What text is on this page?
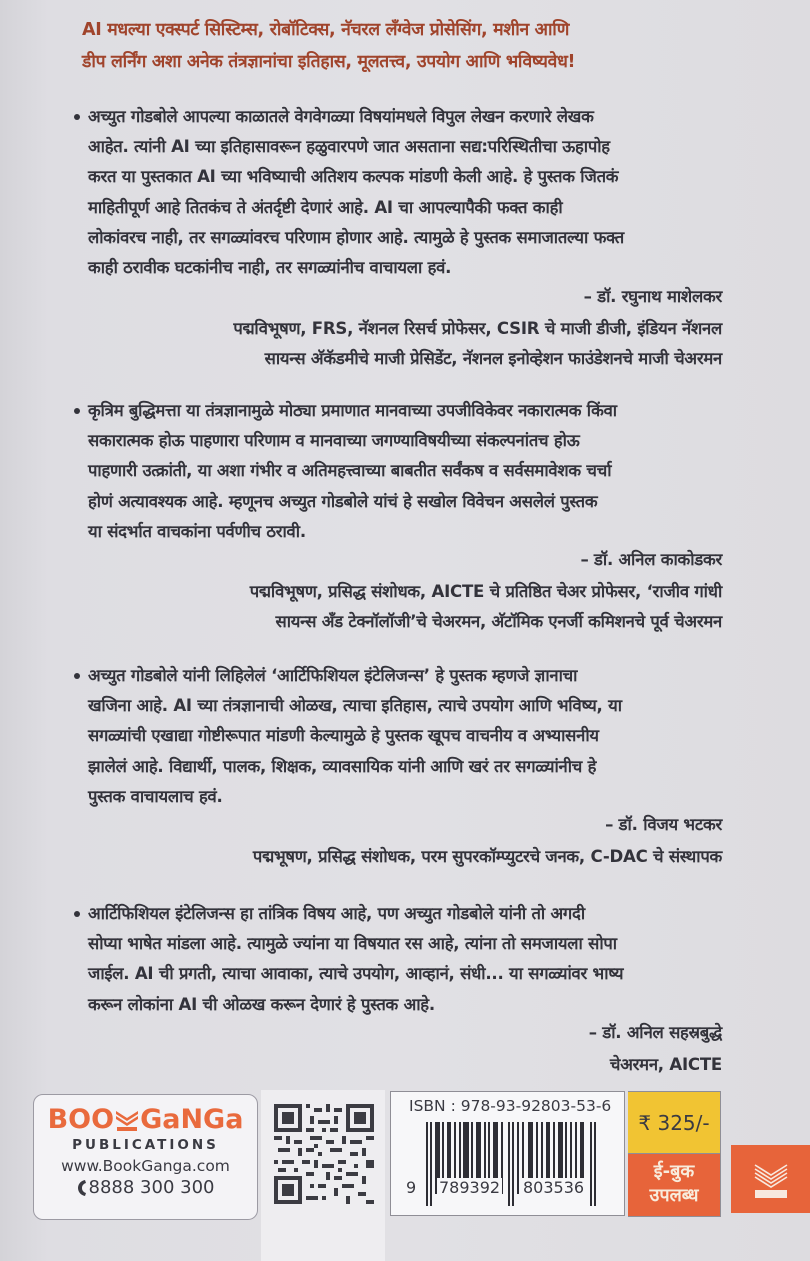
AI मधल्या एक्स्पर्ट सिस्टिम्स, रोबॉटिक्स, नॅचरल लँग्वेज प्रोसेसिंग, मशीन आणि
डीप लर्निंग अशा अनेक तंत्रज्ञानांचा इतिहास, मूलतत्त्व, उपयोग आणि भविष्यवेध!
अच्युत गोडबोले आपल्या काळातले वेगवेगळ्या विषयांमधले विपुल लेखन करणारे लेखक
आहेत. त्यांनी AI च्या इतिहासावरून हळुवारपणे जात असताना सद्य:परिस्थितीचा ऊहापोह
करत या पुस्तकात AI च्या भविष्याची अतिशय कल्पक मांडणी केली आहे. हे पुस्तक जितकं
माहितीपूर्ण आहे तितकंच ते अंतर्दृष्टी देणारं आहे. AI चा आपल्यापैकी फक्त काही
लोकांवरच नाही, तर सगळ्यांवरच परिणाम होणार आहे. त्यामुळे हे पुस्तक समाजातल्या फक्त
काही ठरावीक घटकांनीच नाही, तर सगळ्यांनीच वाचायला हवं.
– डॉ. रघुनाथ माशेलकर
पद्मविभूषण, FRS, नॅशनल रिसर्च प्रोफेसर, CSIR चे माजी डीजी, इंडियन नॅशनल
सायन्स अ‍ॅकॅडमीचे माजी प्रेसिडेंट, नॅशनल इनोव्हेशन फाउंडेशनचे माजी चेअरमन
कृत्रिम बुद्धिमत्ता या तंत्रज्ञानामुळे मोठ्या प्रमाणात मानवाच्या उपजीविकेवर नकारात्मक किंवा
सकारात्मक होऊ पाहणारा परिणाम व मानवाच्या जगण्याविषयीच्या संकल्पनांतच होऊ
पाहणारी उत्क्रांती, या अशा गंभीर व अतिमहत्त्वाच्या बाबतीत सर्वंकष व सर्वसमावेशक चर्चा
होणं अत्यावश्यक आहे. म्हणूनच अच्युत गोडबोले यांचं हे सखोल विवेचन असलेलं पुस्तक
या संदर्भात वाचकांना पर्वणीच ठरावी.
– डॉ. अनिल काकोडकर
पद्मविभूषण, प्रसिद्ध संशोधक, AICTE चे प्रतिष्ठित चेअर प्रोफेसर, ‘राजीव गांधी
सायन्स अँड टेक्नॉलॉजी’चे चेअरमन, अ‍ॅटॉमिक एनर्जी कमिशनचे पूर्व चेअरमन
अच्युत गोडबोले यांनी लिहिलेलं ‘आर्टिफिशियल इंटेलिजन्स’ हे पुस्तक म्हणजे ज्ञानाचा
खजिना आहे. AI च्या तंत्रज्ञानाची ओळख, त्याचा इतिहास, त्याचे उपयोग आणि भविष्य, या
सगळ्यांची एखाद्या गोष्टीरूपात मांडणी केल्यामुळे हे पुस्तक खूपच वाचनीय व अभ्यासनीय
झालेलं आहे. विद्यार्थी, पालक, शिक्षक, व्यावसायिक यांनी आणि खरं तर सगळ्यांनीच हे
पुस्तक वाचायलाच हवं.
– डॉ. विजय भटकर
पद्मभूषण, प्रसिद्ध संशोधक, परम सुपरकॉम्प्युटरचे जनक, C-DAC चे संस्थापक
आर्टिफिशियल इंटेलिजन्स हा तांत्रिक विषय आहे, पण अच्युत गोडबोले यांनी तो अगदी
सोप्या भाषेत मांडला आहे. त्यामुळे ज्यांना या विषयात रस आहे, त्यांना तो समजायला सोपा
जाईल. AI ची प्रगती, त्याचा आवाका, त्याचे उपयोग, आव्हानं, संधी... या सगळ्यांवर भाष्य
करून लोकांना AI ची ओळख करून देणारं हे पुस्तक आहे.
– डॉ. अनिल सहस्रबुद्धे
चेअरमन, AICTE
BOO GaNGa
PUBLICATIONS
www.BookGanga.com
8888 300 300
ISBN : 978-93-92803-53-6
9 789392 803536
₹ 325/-
ई-बुक
उपलब्ध
